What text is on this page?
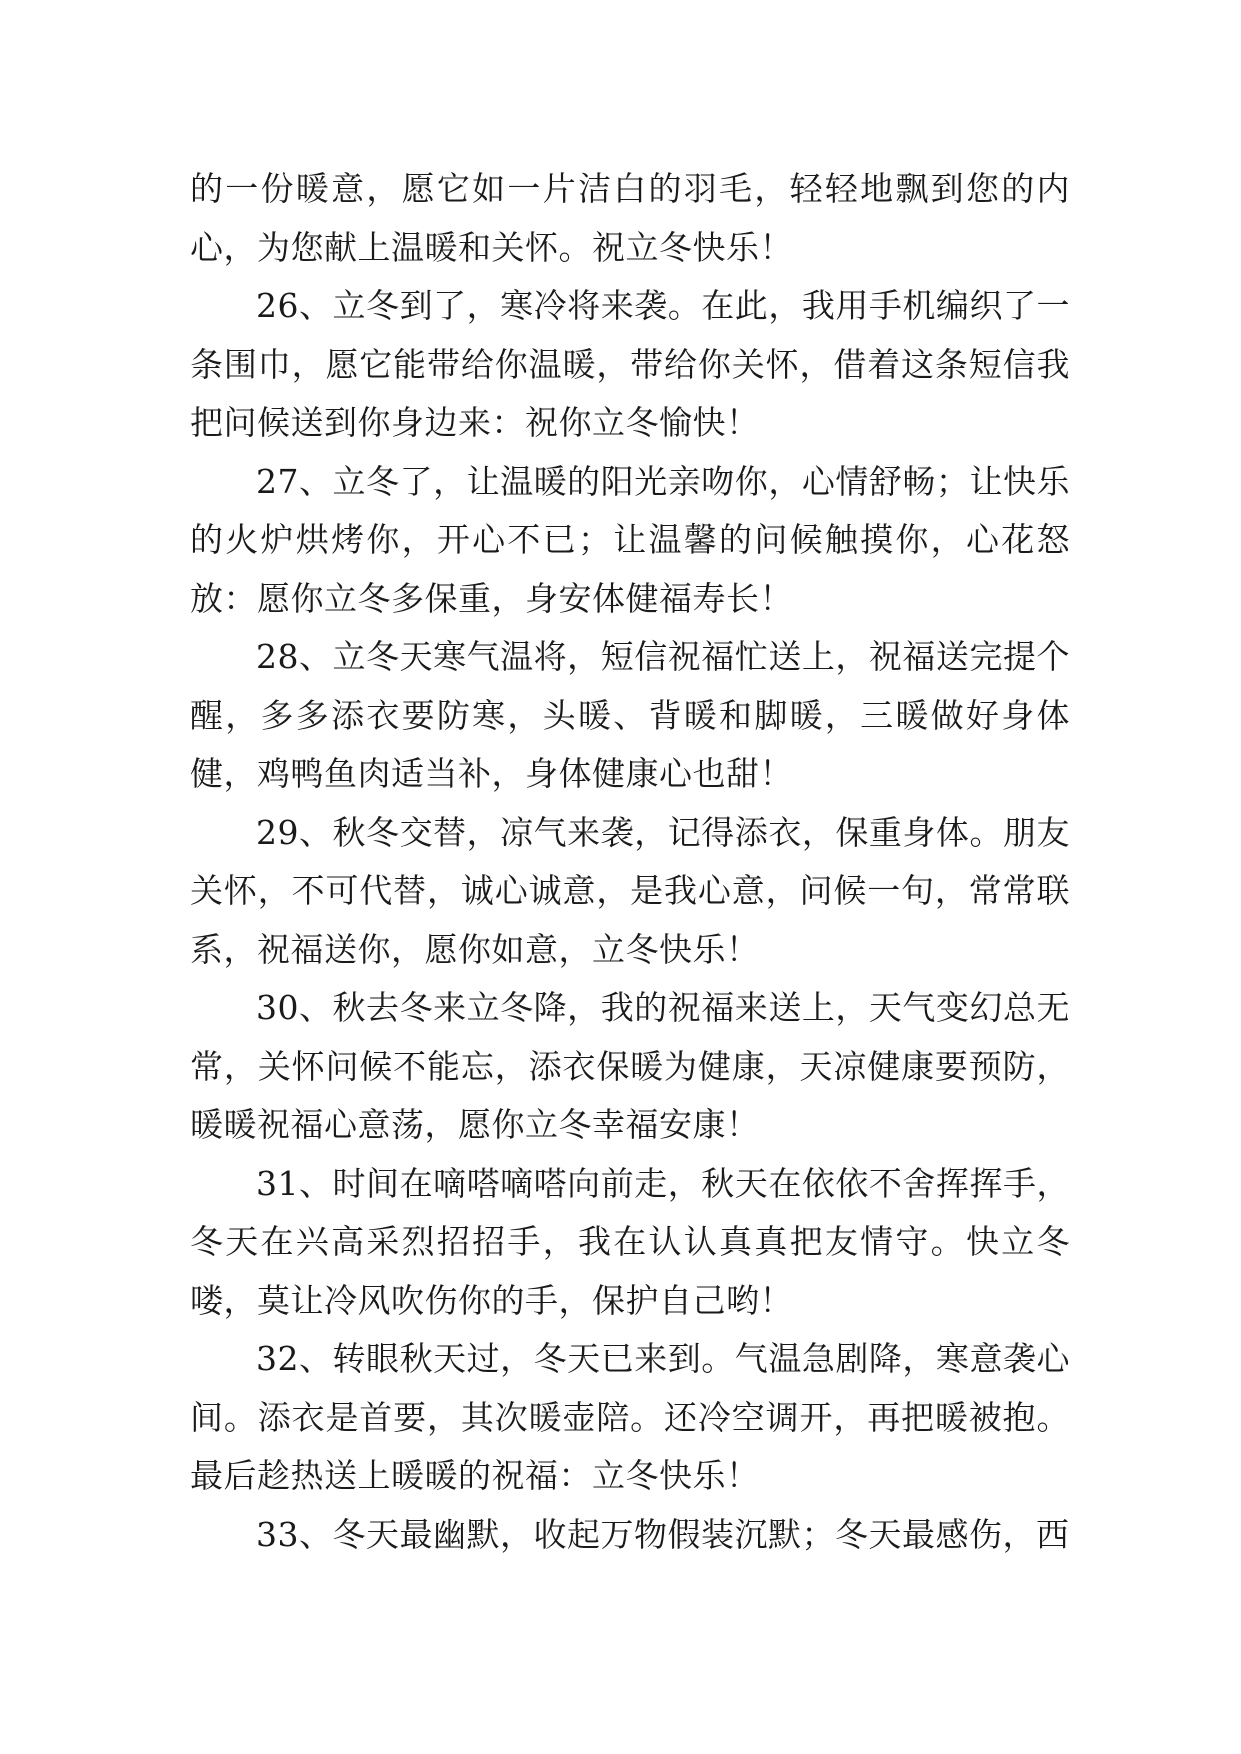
的一份暖意，愿它如一片洁白的羽毛，轻轻地飘到您的内心，为您献上温暖和关怀。祝立冬快乐！

26、立冬到了，寒冷将来袭。在此，我用手机编织了一条围巾，愿它能带给你温暖，带给你关怀，借着这条短信我把问候送到你身边来：祝你立冬愉快！

27、立冬了，让温暖的阳光亲吻你，心情舒畅；让快乐的火炉烘烤你，开心不已；让温馨的问候触摸你，心花怒放：愿你立冬多保重，身安体健福寿长！

28、立冬天寒气温将，短信祝福忙送上，祝福送完提个醒，多多添衣要防寒，头暖、背暖和脚暖，三暖做好身体健，鸡鸭鱼肉适当补，身体健康心也甜！

29、秋冬交替，凉气来袭，记得添衣，保重身体。朋友关怀，不可代替，诚心诚意，是我心意，问候一句，常常联系，祝福送你，愿你如意，立冬快乐！

30、秋去冬来立冬降，我的祝福来送上，天气变幻总无常，关怀问候不能忘，添衣保暖为健康，天凉健康要预防，暖暖祝福心意荡，愿你立冬幸福安康！

31、时间在嘀嗒嘀嗒向前走，秋天在依依不舍挥挥手，冬天在兴高采烈招招手，我在认认真真把友情守。快立冬喽，莫让冷风吹伤你的手，保护自己哟！

32、转眼秋天过，冬天已来到。气温急剧降，寒意袭心间。添衣是首要，其次暖壶陪。还冷空调开，再把暖被抱。最后趁热送上暖暖的祝福：立冬快乐！

33、冬天最幽默，收起万物假装沉默；冬天最感伤，西
